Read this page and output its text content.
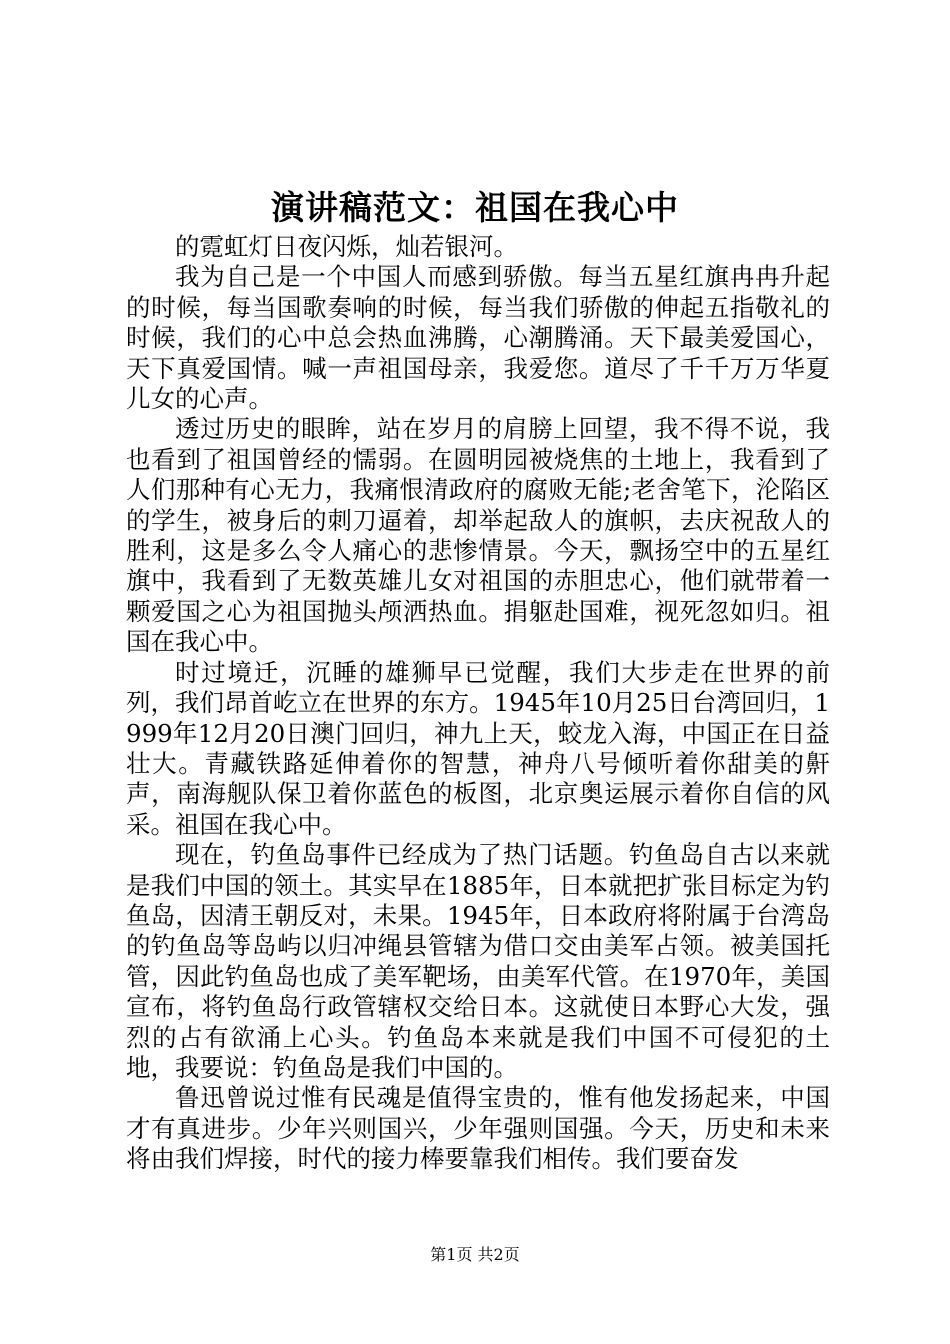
演讲稿范文：祖国在我心中

的霓虹灯日夜闪烁，灿若银河。

我为自己是一个中国人而感到骄傲。每当五星红旗冉冉升起的时候，每当国歌奏响的时候，每当我们骄傲的伸起五指敬礼的时候，我们的心中总会热血沸腾，心潮腾涌。天下最美爱国心，天下真爱国情。喊一声祖国母亲，我爱您。道尽了千千万万华夏儿女的心声。

透过历史的眼眸，站在岁月的肩膀上回望，我不得不说，我也看到了祖国曾经的懦弱。在圆明园被烧焦的土地上，我看到了人们那种有心无力，我痛恨清政府的腐败无能;老舍笔下，沦陷区的学生，被身后的刺刀逼着，却举起敌人的旗帜，去庆祝敌人的胜利，这是多么令人痛心的悲惨情景。今天，飘扬空中的五星红旗中，我看到了无数英雄儿女对祖国的赤胆忠心，他们就带着一颗爱国之心为祖国抛头颅洒热血。捐躯赴国难，视死忽如归。祖国在我心中。

时过境迁，沉睡的雄狮早已觉醒，我们大步走在世界的前列，我们昂首屹立在世界的东方。1945年10月25日台湾回归，1999年12月20日澳门回归，神九上天，蛟龙入海，中国正在日益壮大。青藏铁路延伸着你的智慧，神舟八号倾听着你甜美的鼾声，南海舰队保卫着你蓝色的板图，北京奥运展示着你自信的风采。祖国在我心中。

现在，钓鱼岛事件已经成为了热门话题。钓鱼岛自古以来就是我们中国的领土。其实早在1885年，日本就把扩张目标定为钓鱼岛，因清王朝反对，未果。1945年，日本政府将附属于台湾岛的钓鱼岛等岛屿以归冲绳县管辖为借口交由美军占领。被美国托管，因此钓鱼岛也成了美军靶场，由美军代管。在1970年，美国宣布，将钓鱼岛行政管辖权交给日本。这就使日本野心大发，强烈的占有欲涌上心头。钓鱼岛本来就是我们中国不可侵犯的土地，我要说：钓鱼岛是我们中国的。

鲁迅曾说过惟有民魂是值得宝贵的，惟有他发扬起来，中国才有真进步。少年兴则国兴，少年强则国强。今天，历史和未来将由我们焊接，时代的接力棒要靠我们相传。我们要奋发

第1页 共2页
